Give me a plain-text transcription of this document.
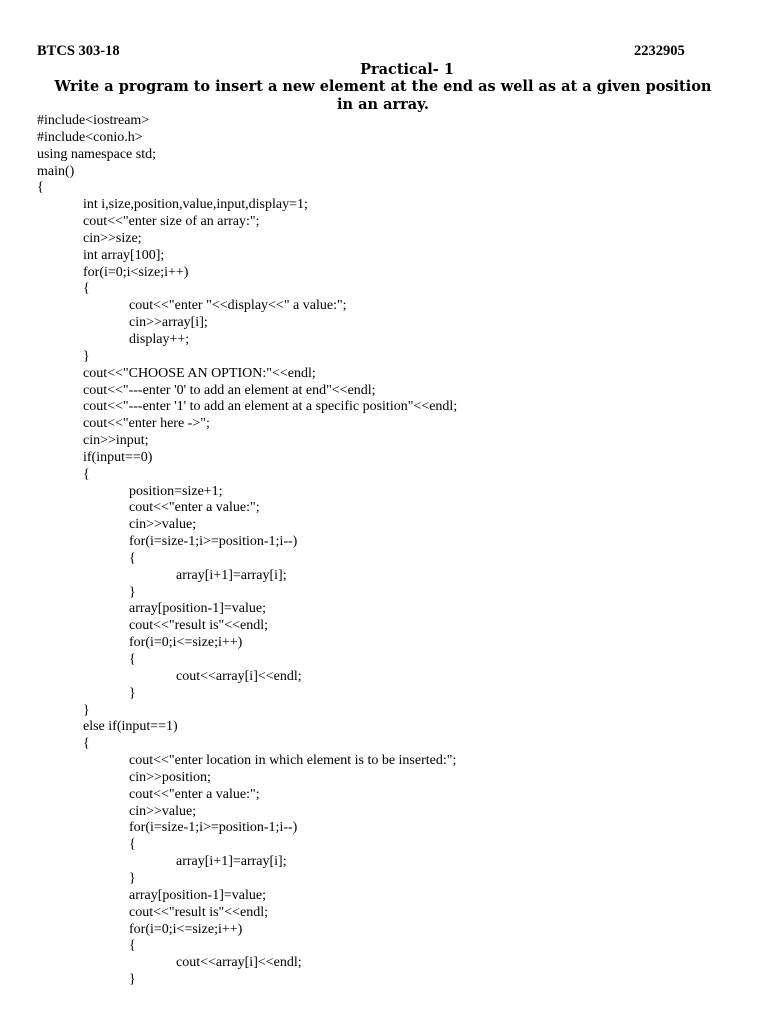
BTCS 303-18	2232905
Practical- 1
Write a program to insert a new element at the end as well as at a given position in an array.
#include<iostream>
#include<conio.h>
using namespace std;
main()
{
int i,size,position,value,input,display=1;
cout<<"enter size of an array:";
cin>>size;
int array[100];
for(i=0;i<size;i++)
{
cout<<"enter "<<display<<" a value:";
cin>>array[i];
display++;
}
cout<<"CHOOSE AN OPTION:"<<endl;
cout<<"---enter '0' to add an element at end"<<endl;
cout<<"---enter '1' to add an element at a specific position"<<endl;
cout<<"enter here ->";
cin>>input;
if(input==0)
{
position=size+1;
cout<<"enter a value:";
cin>>value;
for(i=size-1;i>=position-1;i--)
{
array[i+1]=array[i];
}
array[position-1]=value;
cout<<"result is"<<endl;
for(i=0;i<=size;i++)
{
cout<<array[i]<<endl;
}
}
else if(input==1)
{
cout<<"enter location in which element is to be inserted:";
cin>>position;
cout<<"enter a value:";
cin>>value;
for(i=size-1;i>=position-1;i--)
{
array[i+1]=array[i];
}
array[position-1]=value;
cout<<"result is"<<endl;
for(i=0;i<=size;i++)
{
cout<<array[i]<<endl;
}
